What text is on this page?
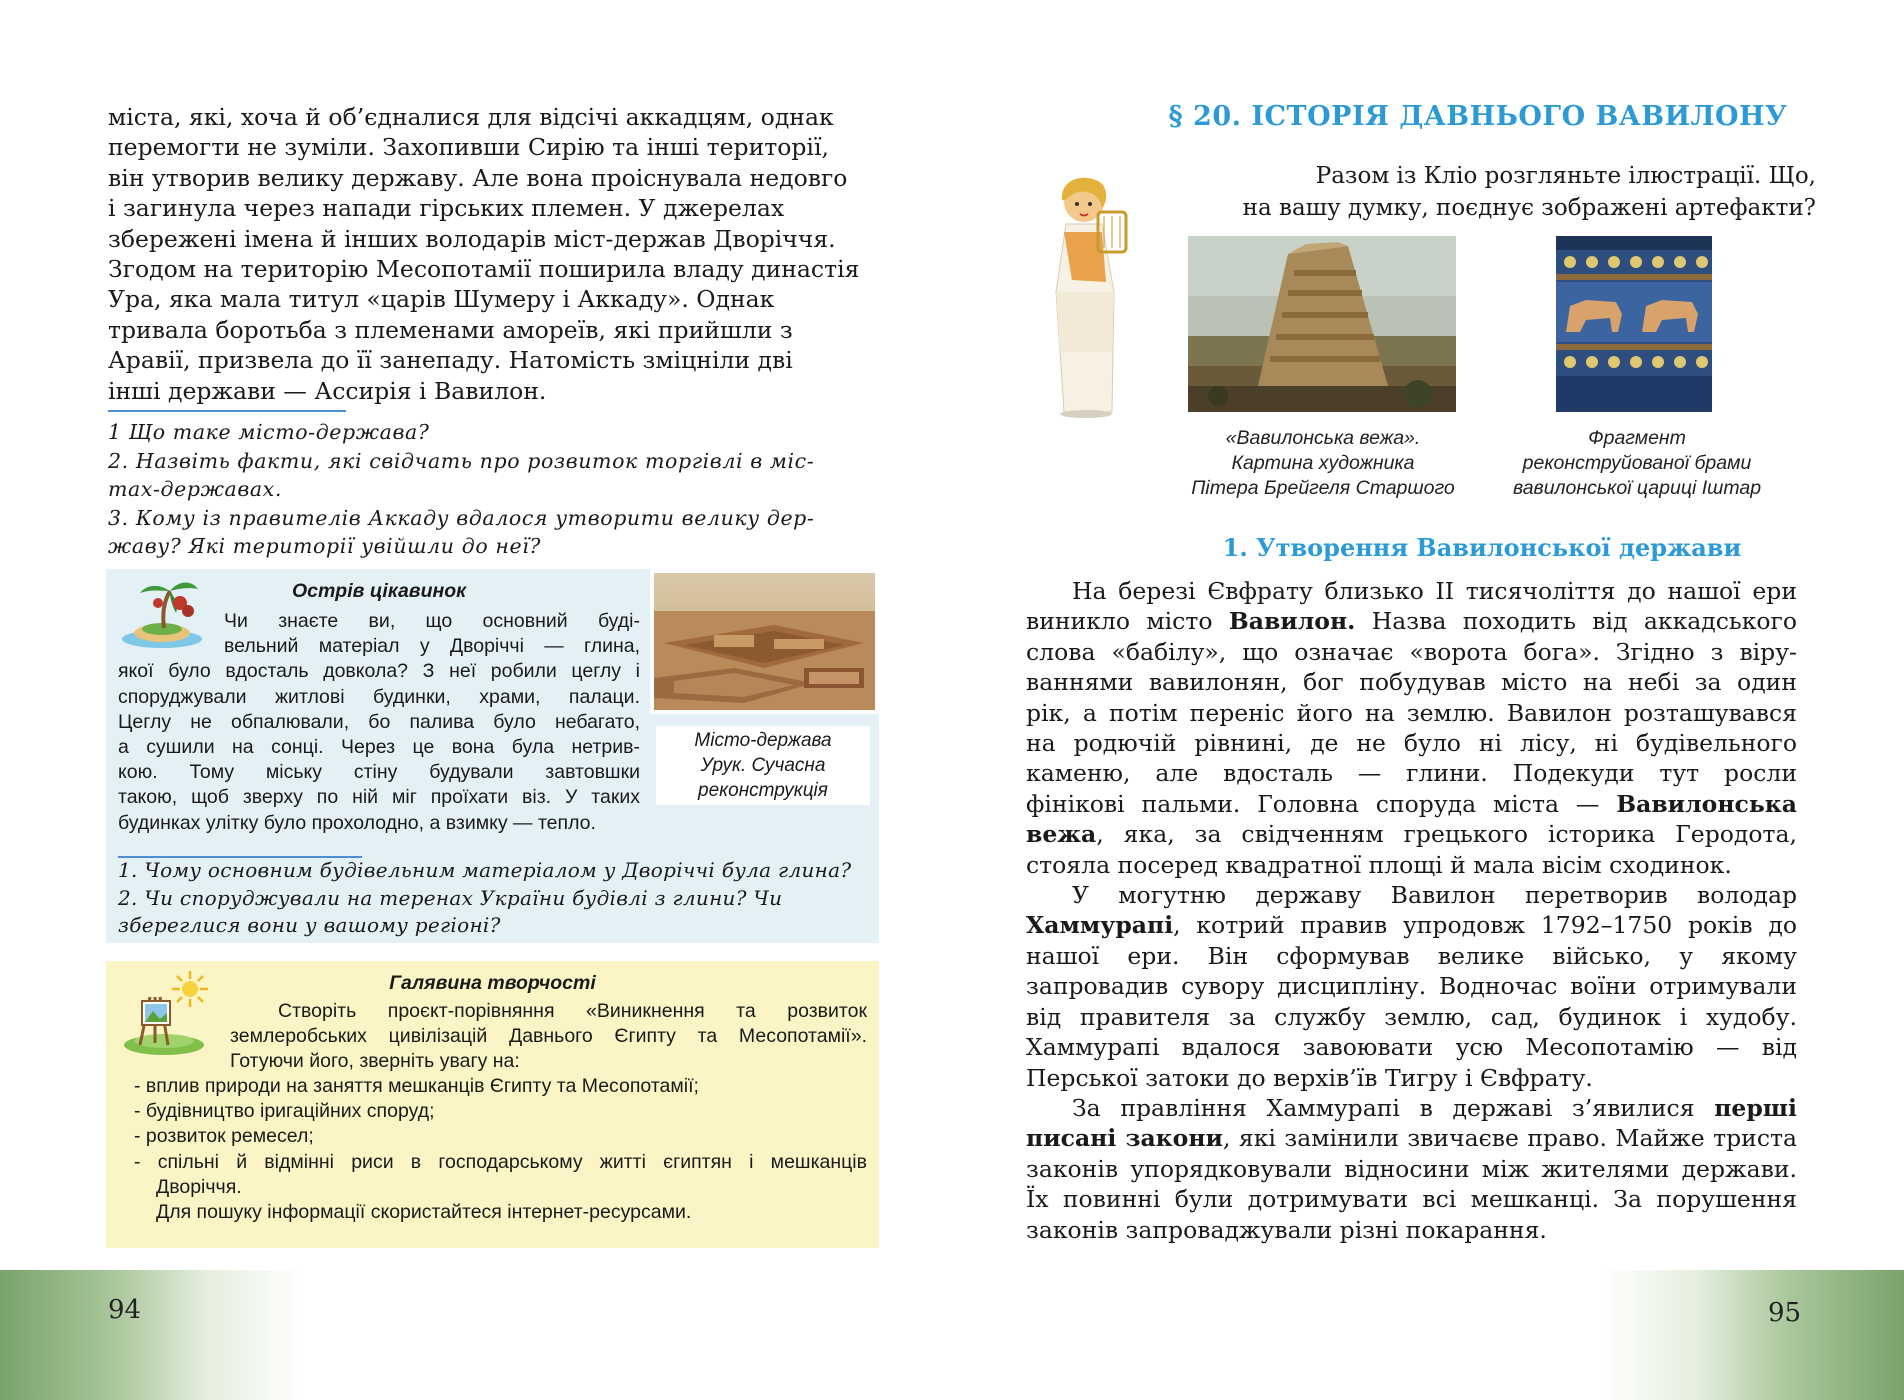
міста, які, хоча й об’єдналися для відсічі аккадцям, однак

перемогти не зуміли. Захопивши Сирію та інші території,

він утворив велику державу. Але вона проіснувала недовго

і загинула через напади гірських племен. У джерелах

збережені імена й інших володарів міст-держав Дворіччя.

Згодом на територію Месопотамії поширила владу династія

Ура, яка мала титул «царів Шумеру і Аккаду». Однак

тривала боротьба з племенами амореїв, які прийшли з

Аравії, призвела до її занепаду. Натомість зміцніли дві

інші держави — Ассирія і Вавилон.

1 Що таке місто-держава?

2. Назвіть факти, які свідчать про розвиток торгівлі в міс-

тах-державах.

3. Кому із правителів Аккаду вдалося утворити велику дер-

жаву? Які території увійшли до неї?

Острів цікавинок
Чи знаєте ви, що основний буді-
вельний матеріал у Дворіччі — глина,
якої було вдосталь довкола? З неї робили цеглу і
споруджували житлові будинки, храми, палаци.
Цеглу не обпалювали, бо палива було небагато,
а сушили на сонці. Через це вона була нетрив-
кою. Тому міську стіну будували завтовшки
такою, щоб зверху по ній міг проїхати віз. У таких
будинках улітку було прохолодно, а взимку — тепло.
Місто-держава
Урук. Сучасна
реконструкція

1. Чому основним будівельним матеріалом у Дворіччі була глина?

2. Чи споруджували на теренах України будівлі з глини? Чи

збереглися вони у вашому регіоні?

Галявина творчості
Створіть проєкт-порівняння «Виникнення та розвиток
землеробських цивілізацій Давнього Єгипту та Месопотамії».
Готуючи його, зверніть увагу на:
- вплив природи на заняття мешканців Єгипту та Месопотамії;
- будівництво іригаційних споруд;
- розвиток ремесел;
- спільні й відмінні риси в господарському житті єгиптян і мешканців
Дворіччя.
Для пошуку інформації скористайтеся інтернет-ресурсами.
94
§ 20. ІСТОРІЯ ДАВНЬОГО ВАВИЛОНУ
Разом із Кліо розгляньте ілюстрації. Що,
на вашу думку, поєднує зображені артефакти?
«Вавилонська вежа».
Картина художника
Пітера Брейгеля Старшого
Фрагмент
реконструйованої брами
вавилонської цариці Іштар
1. Утворення Вавилонської держави
На березі Євфрату близько II тисячоліття до нашої ери
виникло місто Вавилон. Назва походить від аккадського
слова «бабілу», що означає «ворота бога». Згідно з віру-
ваннями вавилонян, бог побудував місто на небі за один
рік, а потім переніс його на землю. Вавилон розташувався
на родючій рівнині, де не було ні лісу, ні будівельного
каменю, але вдосталь — глини. Подекуди тут росли
фінікові пальми. Головна споруда міста — Вавилонська
вежа, яка, за свідченням грецького історика Геродота,
стояла посеред квадратної площі й мала вісім сходинок.
У могутню державу Вавилон перетворив володар
Хаммурапі, котрий правив упродовж 1792–1750 років до
нашої ери. Він сформував велике військо, у якому
запровадив сувору дисципліну. Водночас воїни отримували
від правителя за службу землю, сад, будинок і худобу.
Хаммурапі вдалося завоювати усю Месопотамію — від
Перської затоки до верхів’їв Тигру і Євфрату.
За правління Хаммурапі в державі з’явилися перші
писані закони, які замінили звичаєве право. Майже триста
законів упорядковували відносини між жителями держави.
Їх повинні були дотримувати всі мешканці. За порушення
законів запроваджували різні покарання.
95
